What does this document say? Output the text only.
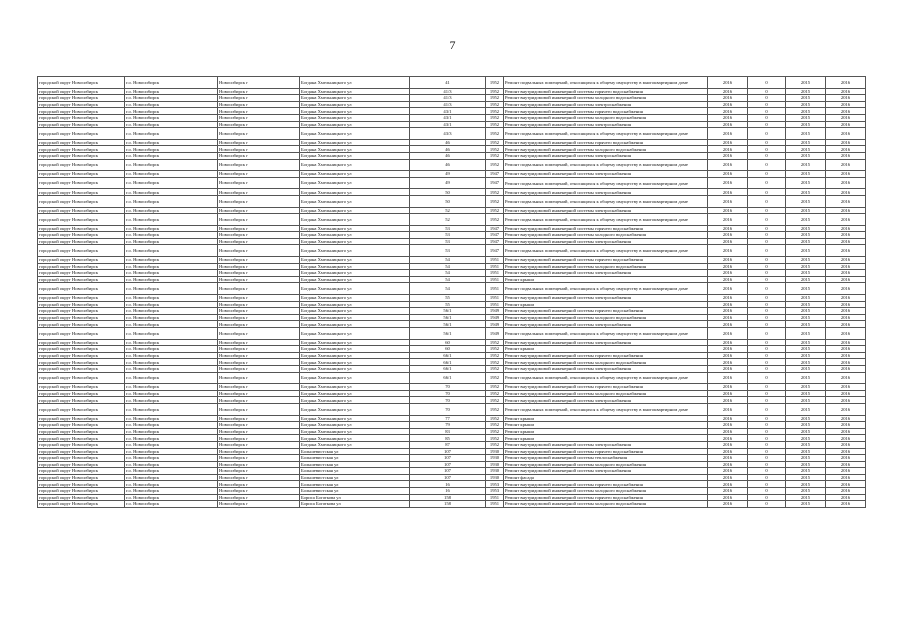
7
городской округ Новосибирск	г.о. Новосибирск	Новосибирск г	Богдана Хмельницкого ул	41	1952	Ремонт подвальных помещений, относящихся к общему имуществу в многоквартирном доме	2016	0	2015	2016
городской округ Новосибирск	г.о. Новосибирск	Новосибирск г	Богдана Хмельницкого ул	41/3	1952	Ремонт внутридомовой инженерной системы горячего водоснабжения	2016	0	2015	2016
городской округ Новосибирск	г.о. Новосибирск	Новосибирск г	Богдана Хмельницкого ул	41/3	1952	Ремонт внутридомовой инженерной системы холодного водоснабжения	2016	0	2015	2016
городской округ Новосибирск	г.о. Новосибирск	Новосибирск г	Богдана Хмельницкого ул	41/3	1952	Ремонт внутридомовой инженерной системы электроснабжения	2016	0	2015	2016
городской округ Новосибирск	г.о. Новосибирск	Новосибирск г	Богдана Хмельницкого ул	43/1	1952	Ремонт внутридомовой инженерной системы горячего водоснабжения	2016	0	2015	2016
городской округ Новосибирск	г.о. Новосибирск	Новосибирск г	Богдана Хмельницкого ул	43/1	1952	Ремонт внутридомовой инженерной системы холодного водоснабжения	2016	0	2015	2016
городской округ Новосибирск	г.о. Новосибирск	Новосибирск г	Богдана Хмельницкого ул	43/1	1952	Ремонт внутридомовой инженерной системы электроснабжения	2016	0	2015	2016
городской округ Новосибирск	г.о. Новосибирск	Новосибирск г	Богдана Хмельницкого ул	43/3	1952	Ремонт подвальных помещений, относящихся к общему имуществу в многоквартирном доме	2016	0	2015	2016
городской округ Новосибирск	г.о. Новосибирск	Новосибирск г	Богдана Хмельницкого ул	46	1952	Ремонт внутридомовой инженерной системы горячего водоснабжения	2016	0	2015	2016
городской округ Новосибирск	г.о. Новосибирск	Новосибирск г	Богдана Хмельницкого ул	46	1952	Ремонт внутридомовой инженерной системы холодного водоснабжения	2016	0	2015	2016
городской округ Новосибирск	г.о. Новосибирск	Новосибирск г	Богдана Хмельницкого ул	46	1952	Ремонт внутридомовой инженерной системы электроснабжения	2016	0	2015	2016
городской округ Новосибирск	г.о. Новосибирск	Новосибирск г	Богдана Хмельницкого ул	46	1952	Ремонт подвальных помещений, относящихся к общему имуществу в многоквартирном доме	2016	0	2015	2016
городской округ Новосибирск	г.о. Новосибирск	Новосибирск г	Богдана Хмельницкого ул	49	1947	Ремонт внутридомовой инженерной системы электроснабжения	2016	0	2015	2016
городской округ Новосибирск	г.о. Новосибирск	Новосибирск г	Богдана Хмельницкого ул	49	1947	Ремонт подвальных помещений, относящихся к общему имуществу в многоквартирном доме	2016	0	2015	2016
городской округ Новосибирск	г.о. Новосибирск	Новосибирск г	Богдана Хмельницкого ул	50	1952	Ремонт внутридомовой инженерной системы электроснабжения	2016	0	2015	2016
городской округ Новосибирск	г.о. Новосибирск	Новосибирск г	Богдана Хмельницкого ул	50	1952	Ремонт подвальных помещений, относящихся к общему имуществу в многоквартирном доме	2016	0	2015	2016
городской округ Новосибирск	г.о. Новосибирск	Новосибирск г	Богдана Хмельницкого ул	52	1952	Ремонт внутридомовой инженерной системы электроснабжения	2016	0	2015	2016
городской округ Новосибирск	г.о. Новосибирск	Новосибирск г	Богдана Хмельницкого ул	52	1952	Ремонт подвальных помещений, относящихся к общему имуществу в многоквартирном доме	2016	0	2015	2016
городской округ Новосибирск	г.о. Новосибирск	Новосибирск г	Богдана Хмельницкого ул	53	1947	Ремонт внутридомовой инженерной системы горячего водоснабжения	2016	0	2015	2016
городской округ Новосибирск	г.о. Новосибирск	Новосибирск г	Богдана Хмельницкого ул	53	1947	Ремонт внутридомовой инженерной системы холодного водоснабжения	2016	0	2015	2016
городской округ Новосибирск	г.о. Новосибирск	Новосибирск г	Богдана Хмельницкого ул	53	1947	Ремонт внутридомовой инженерной системы электроснабжения	2016	0	2015	2016
городской округ Новосибирск	г.о. Новосибирск	Новосибирск г	Богдана Хмельницкого ул	53	1947	Ремонт подвальных помещений, относящихся к общему имуществу в многоквартирном доме	2016	0	2015	2016
городской округ Новосибирск	г.о. Новосибирск	Новосибирск г	Богдана Хмельницкого ул	54	1951	Ремонт внутридомовой инженерной системы горячего водоснабжения	2016	0	2015	2016
городской округ Новосибирск	г.о. Новосибирск	Новосибирск г	Богдана Хмельницкого ул	54	1951	Ремонт внутридомовой инженерной системы холодного водоснабжения	2016	0	2015	2016
городской округ Новосибирск	г.о. Новосибирск	Новосибирск г	Богдана Хмельницкого ул	54	1951	Ремонт внутридомовой инженерной системы электроснабжения	2016	0	2015	2016
городской округ Новосибирск	г.о. Новосибирск	Новосибирск г	Богдана Хмельницкого ул	54	1951	Ремонт крыши	2016	0	2015	2016
городской округ Новосибирск	г.о. Новосибирск	Новосибирск г	Богдана Хмельницкого ул	54	1951	Ремонт подвальных помещений, относящихся к общему имуществу в многоквартирном доме	2016	0	2015	2016
городской округ Новосибирск	г.о. Новосибирск	Новосибирск г	Богдана Хмельницкого ул	55	1951	Ремонт внутридомовой инженерной системы электроснабжения	2016	0	2015	2016
городской округ Новосибирск	г.о. Новосибирск	Новосибирск г	Богдана Хмельницкого ул	55	1951	Ремонт крыши	2016	0	2015	2016
городской округ Новосибирск	г.о. Новосибирск	Новосибирск г	Богдана Хмельницкого ул	56/1	1949	Ремонт внутридомовой инженерной системы горячего водоснабжения	2016	0	2015	2016
городской округ Новосибирск	г.о. Новосибирск	Новосибирск г	Богдана Хмельницкого ул	56/1	1949	Ремонт внутридомовой инженерной системы холодного водоснабжения	2016	0	2015	2016
городской округ Новосибирск	г.о. Новосибирск	Новосибирск г	Богдана Хмельницкого ул	56/1	1949	Ремонт внутридомовой инженерной системы электроснабжения	2016	0	2015	2016
городской округ Новосибирск	г.о. Новосибирск	Новосибирск г	Богдана Хмельницкого ул	56/1	1949	Ремонт подвальных помещений, относящихся к общему имуществу в многоквартирном доме	2016	0	2015	2016
городской округ Новосибирск	г.о. Новосибирск	Новосибирск г	Богдана Хмельницкого ул	60	1952	Ремонт внутридомовой инженерной системы электроснабжения	2016	0	2015	2016
городской округ Новосибирск	г.о. Новосибирск	Новосибирск г	Богдана Хмельницкого ул	60	1952	Ремонт крыши	2016	0	2015	2016
городской округ Новосибирск	г.о. Новосибирск	Новосибирск г	Богдана Хмельницкого ул	66/1	1952	Ремонт внутридомовой инженерной системы горячего водоснабжения	2016	0	2015	2016
городской округ Новосибирск	г.о. Новосибирск	Новосибирск г	Богдана Хмельницкого ул	66/1	1952	Ремонт внутридомовой инженерной системы холодного водоснабжения	2016	0	2015	2016
городской округ Новосибирск	г.о. Новосибирск	Новосибирск г	Богдана Хмельницкого ул	66/1	1952	Ремонт внутридомовой инженерной системы электроснабжения	2016	0	2015	2016
городской округ Новосибирск	г.о. Новосибирск	Новосибирск г	Богдана Хмельницкого ул	66/1	1952	Ремонт подвальных помещений, относящихся к общему имуществу в многоквартирном доме	2016	0	2015	2016
городской округ Новосибирск	г.о. Новосибирск	Новосибирск г	Богдана Хмельницкого ул	70	1952	Ремонт внутридомовой инженерной системы горячего водоснабжения	2016	0	2015	2016
городской округ Новосибирск	г.о. Новосибирск	Новосибирск г	Богдана Хмельницкого ул	70	1952	Ремонт внутридомовой инженерной системы холодного водоснабжения	2016	0	2015	2016
городской округ Новосибирск	г.о. Новосибирск	Новосибирск г	Богдана Хмельницкого ул	70	1952	Ремонт внутридомовой инженерной системы электроснабжения	2016	0	2015	2016
городской округ Новосибирск	г.о. Новосибирск	Новосибирск г	Богдана Хмельницкого ул	70	1952	Ремонт подвальных помещений, относящихся к общему имуществу в многоквартирном доме	2016	0	2015	2016
городской округ Новосибирск	г.о. Новосибирск	Новосибирск г	Богдана Хмельницкого ул	77	1952	Ремонт крыши	2016	0	2015	2016
городской округ Новосибирск	г.о. Новосибирск	Новосибирск г	Богдана Хмельницкого ул	79	1952	Ремонт крыши	2016	0	2015	2016
городской округ Новосибирск	г.о. Новосибирск	Новосибирск г	Богдана Хмельницкого ул	83	1952	Ремонт крыши	2016	0	2015	2016
городской округ Новосибирск	г.о. Новосибирск	Новосибирск г	Богдана Хмельницкого ул	85	1952	Ремонт крыши	2016	0	2015	2016
городской округ Новосибирск	г.о. Новосибирск	Новосибирск г	Богдана Хмельницкого ул	87	1952	Ремонт внутридомовой инженерной системы электроснабжения	2016	0	2015	2016
городской округ Новосибирск	г.о. Новосибирск	Новосибирск г	Большевистская ул	107	1930	Ремонт внутридомовой инженерной системы горячего водоснабжения	2016	0	2015	2016
городской округ Новосибирск	г.о. Новосибирск	Новосибирск г	Большевистская ул	107	1930	Ремонт внутридомовой инженерной системы теплоснабжения	2016	0	2015	2016
городской округ Новосибирск	г.о. Новосибирск	Новосибирск г	Большевистская ул	107	1930	Ремонт внутридомовой инженерной системы холодного водоснабжения	2016	0	2015	2016
городской округ Новосибирск	г.о. Новосибирск	Новосибирск г	Большевистская ул	107	1930	Ремонт внутридомовой инженерной системы электроснабжения	2016	0	2015	2016
городской округ Новосибирск	г.о. Новосибирск	Новосибирск г	Большевистская ул	107	1930	Ремонт фасада	2016	0	2015	2016
городской округ Новосибирск	г.о. Новосибирск	Новосибирск г	Большевистская ул	16	1953	Ремонт внутридомовой инженерной системы горячего водоснабжения	2016	0	2015	2016
городской округ Новосибирск	г.о. Новосибирск	Новосибирск г	Большевистская ул	16	1953	Ремонт внутридомовой инженерной системы холодного водоснабжения	2016	0	2015	2016
городской округ Новосибирск	г.о. Новосибирск	Новосибирск г	Бориса Богаткова ул	158	1951	Ремонт внутридомовой инженерной системы горячего водоснабжения	2016	0	2015	2016
городской округ Новосибирск	г.о. Новосибирск	Новосибирск г	Бориса Богаткова ул	158	1951	Ремонт внутридомовой инженерной системы холодного водоснабжения	2016	0	2015	2016
